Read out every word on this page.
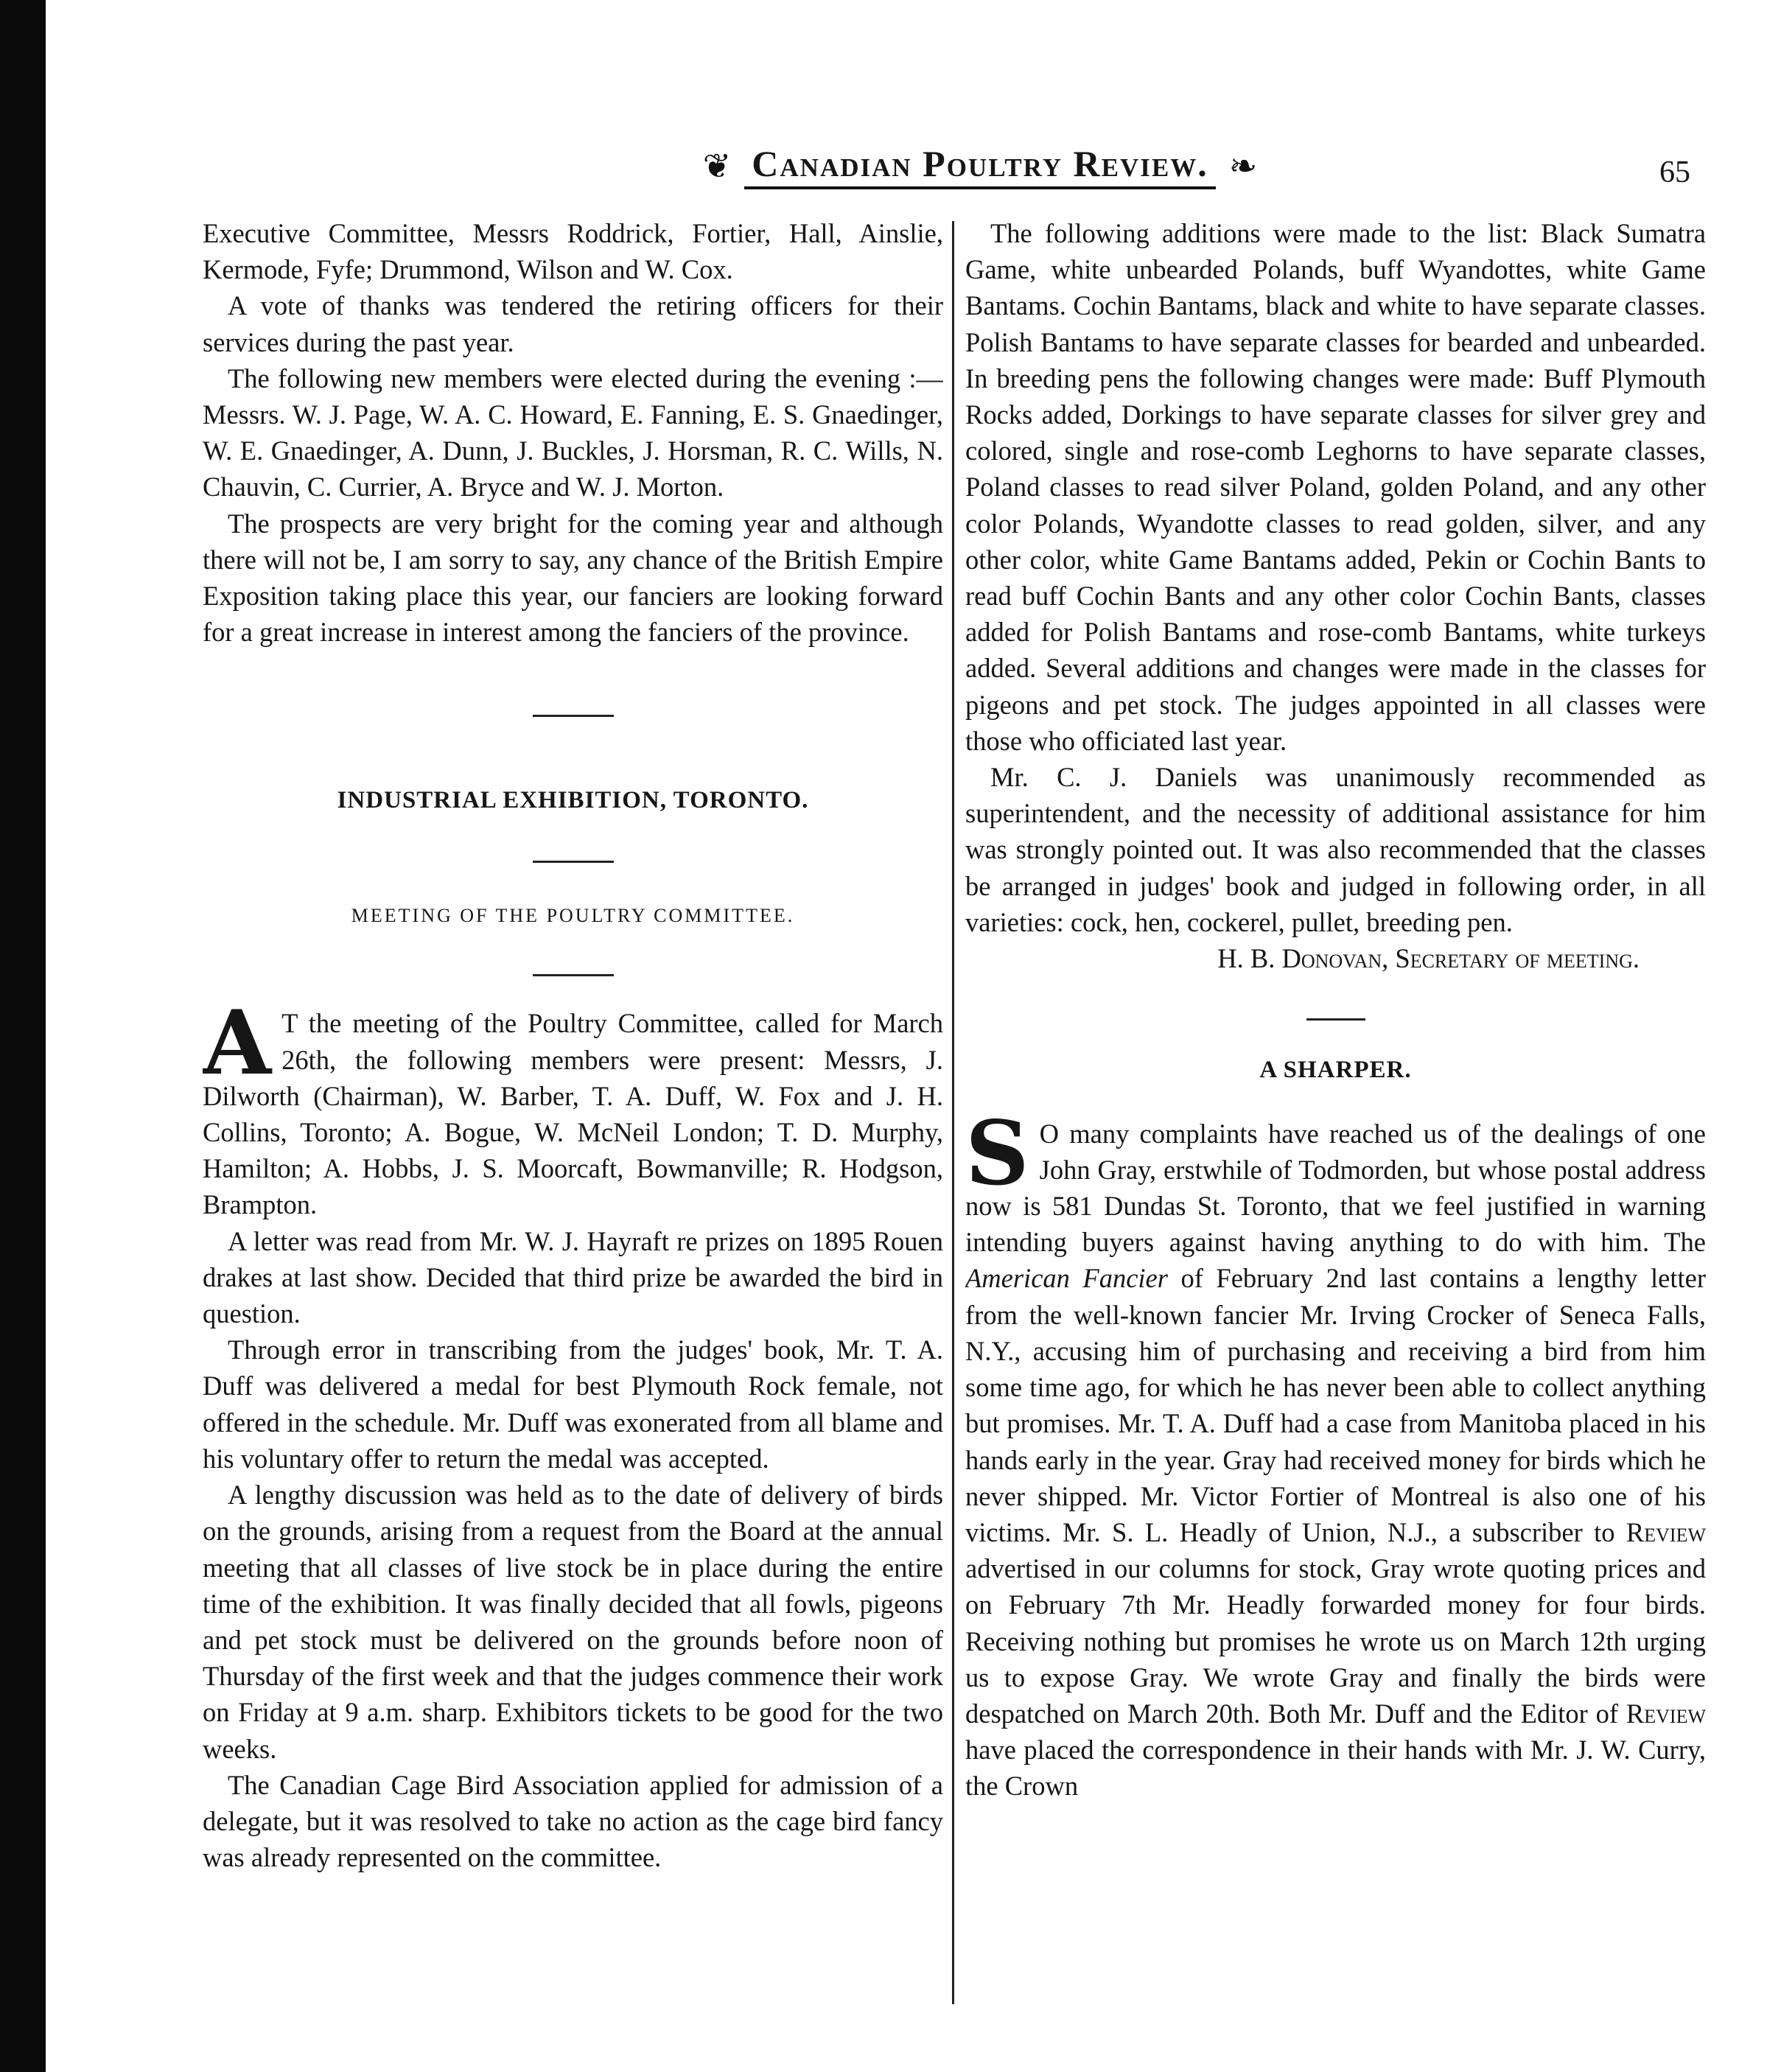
❦ Canadian Poultry Review. ❧	65

Executive Committee, Messrs Roddrick, Fortier, Hall, Ainslie, Kermode, Fyfe; Drummond, Wilson and W. Cox.

A vote of thanks was tendered the retiring officers for their services during the past year.

The following new members were elected during the evening :—Messrs. W. J. Page, W. A. C. Howard, E. Fanning, E. S. Gnaedinger, W. E. Gnaedinger, A. Dunn, J. Buckles, J. Horsman, R. C. Wills, N. Chauvin, C. Currier, A. Bryce and W. J. Morton.

The prospects are very bright for the coming year and although there will not be, I am sorry to say, any chance of the British Empire Exposition taking place this year, our fanciers are looking forward for a great increase in interest among the fanciers of the province.

INDUSTRIAL EXHIBITION, TORONTO.
MEETING OF THE POULTRY COMMITTEE.

A T the meeting of the Poultry Committee, called for March 26th, the following members were present: Messrs, J. Dilworth (Chairman), W. Barber, T. A. Duff, W. Fox and J. H. Collins, Toronto; A. Bogue, W. McNeil London; T. D. Murphy, Hamilton; A. Hobbs, J. S. Moorcaft, Bowmanville; R. Hodgson, Brampton.

A letter was read from Mr. W. J. Hayraft re prizes on 1895 Rouen drakes at last show. Decided that third prize be awarded the bird in question.

Through error in transcribing from the judges' book, Mr. T. A. Duff was delivered a medal for best Plymouth Rock female, not offered in the schedule. Mr. Duff was exonerated from all blame and his voluntary offer to return the medal was accepted.

A lengthy discussion was held as to the date of delivery of birds on the grounds, arising from a request from the Board at the annual meeting that all classes of live stock be in place during the entire time of the exhibition. It was finally decided that all fowls, pigeons and pet stock must be delivered on the grounds before noon of Thursday of the first week and that the judges commence their work on Friday at 9 a.m. sharp. Exhibitors tickets to be good for the two weeks.

The Canadian Cage Bird Association applied for admission of a delegate, but it was resolved to take no action as the cage bird fancy was already represented on the committee.

The following additions were made to the list: Black Sumatra Game, white unbearded Polands, buff Wyandottes, white Game Bantams. Cochin Bantams, black and white to have separate classes. Polish Bantams to have separate classes for bearded and unbearded. In breeding pens the following changes were made: Buff Plymouth Rocks added, Dorkings to have separate classes for silver grey and colored, single and rose-comb Leghorns to have separate classes, Poland classes to read silver Poland, golden Poland, and any other color Polands, Wyandotte classes to read golden, silver, and any other color, white Game Bantams added, Pekin or Cochin Bants to read buff Cochin Bants and any other color Cochin Bants, classes added for Polish Bantams and rose-comb Bantams, white turkeys added. Several additions and changes were made in the classes for pigeons and pet stock. The judges appointed in all classes were those who officiated last year.

Mr. C. J. Daniels was unanimously recommended as superintendent, and the necessity of additional assistance for him was strongly pointed out. It was also recommended that the classes be arranged in judges' book and judged in following order, in all varieties: cock, hen, cockerel, pullet, breeding pen.

H. B. Donovan, Secretary of meeting.

A SHARPER.

S O many complaints have reached us of the dealings of one John Gray, erstwhile of Todmorden, but whose postal address now is 581 Dundas St. Toronto, that we feel justified in warning intending buyers against having anything to do with him. The American Fancier of February 2nd last contains a lengthy letter from the well-known fancier Mr. Irving Crocker of Seneca Falls, N.Y., accusing him of purchasing and receiving a bird from him some time ago, for which he has never been able to collect anything but promises. Mr. T. A. Duff had a case from Manitoba placed in his hands early in the year. Gray had received money for birds which he never shipped. Mr. Victor Fortier of Montreal is also one of his victims. Mr. S. L. Headly of Union, N.J., a subscriber to Review advertised in our columns for stock, Gray wrote quoting prices and on February 7th Mr. Headly forwarded money for four birds. Receiving nothing but promises he wrote us on March 12th urging us to expose Gray. We wrote Gray and finally the birds were despatched on March 20th. Both Mr. Duff and the Editor of Review have placed the correspondence in their hands with Mr. J. W. Curry, the Crown
